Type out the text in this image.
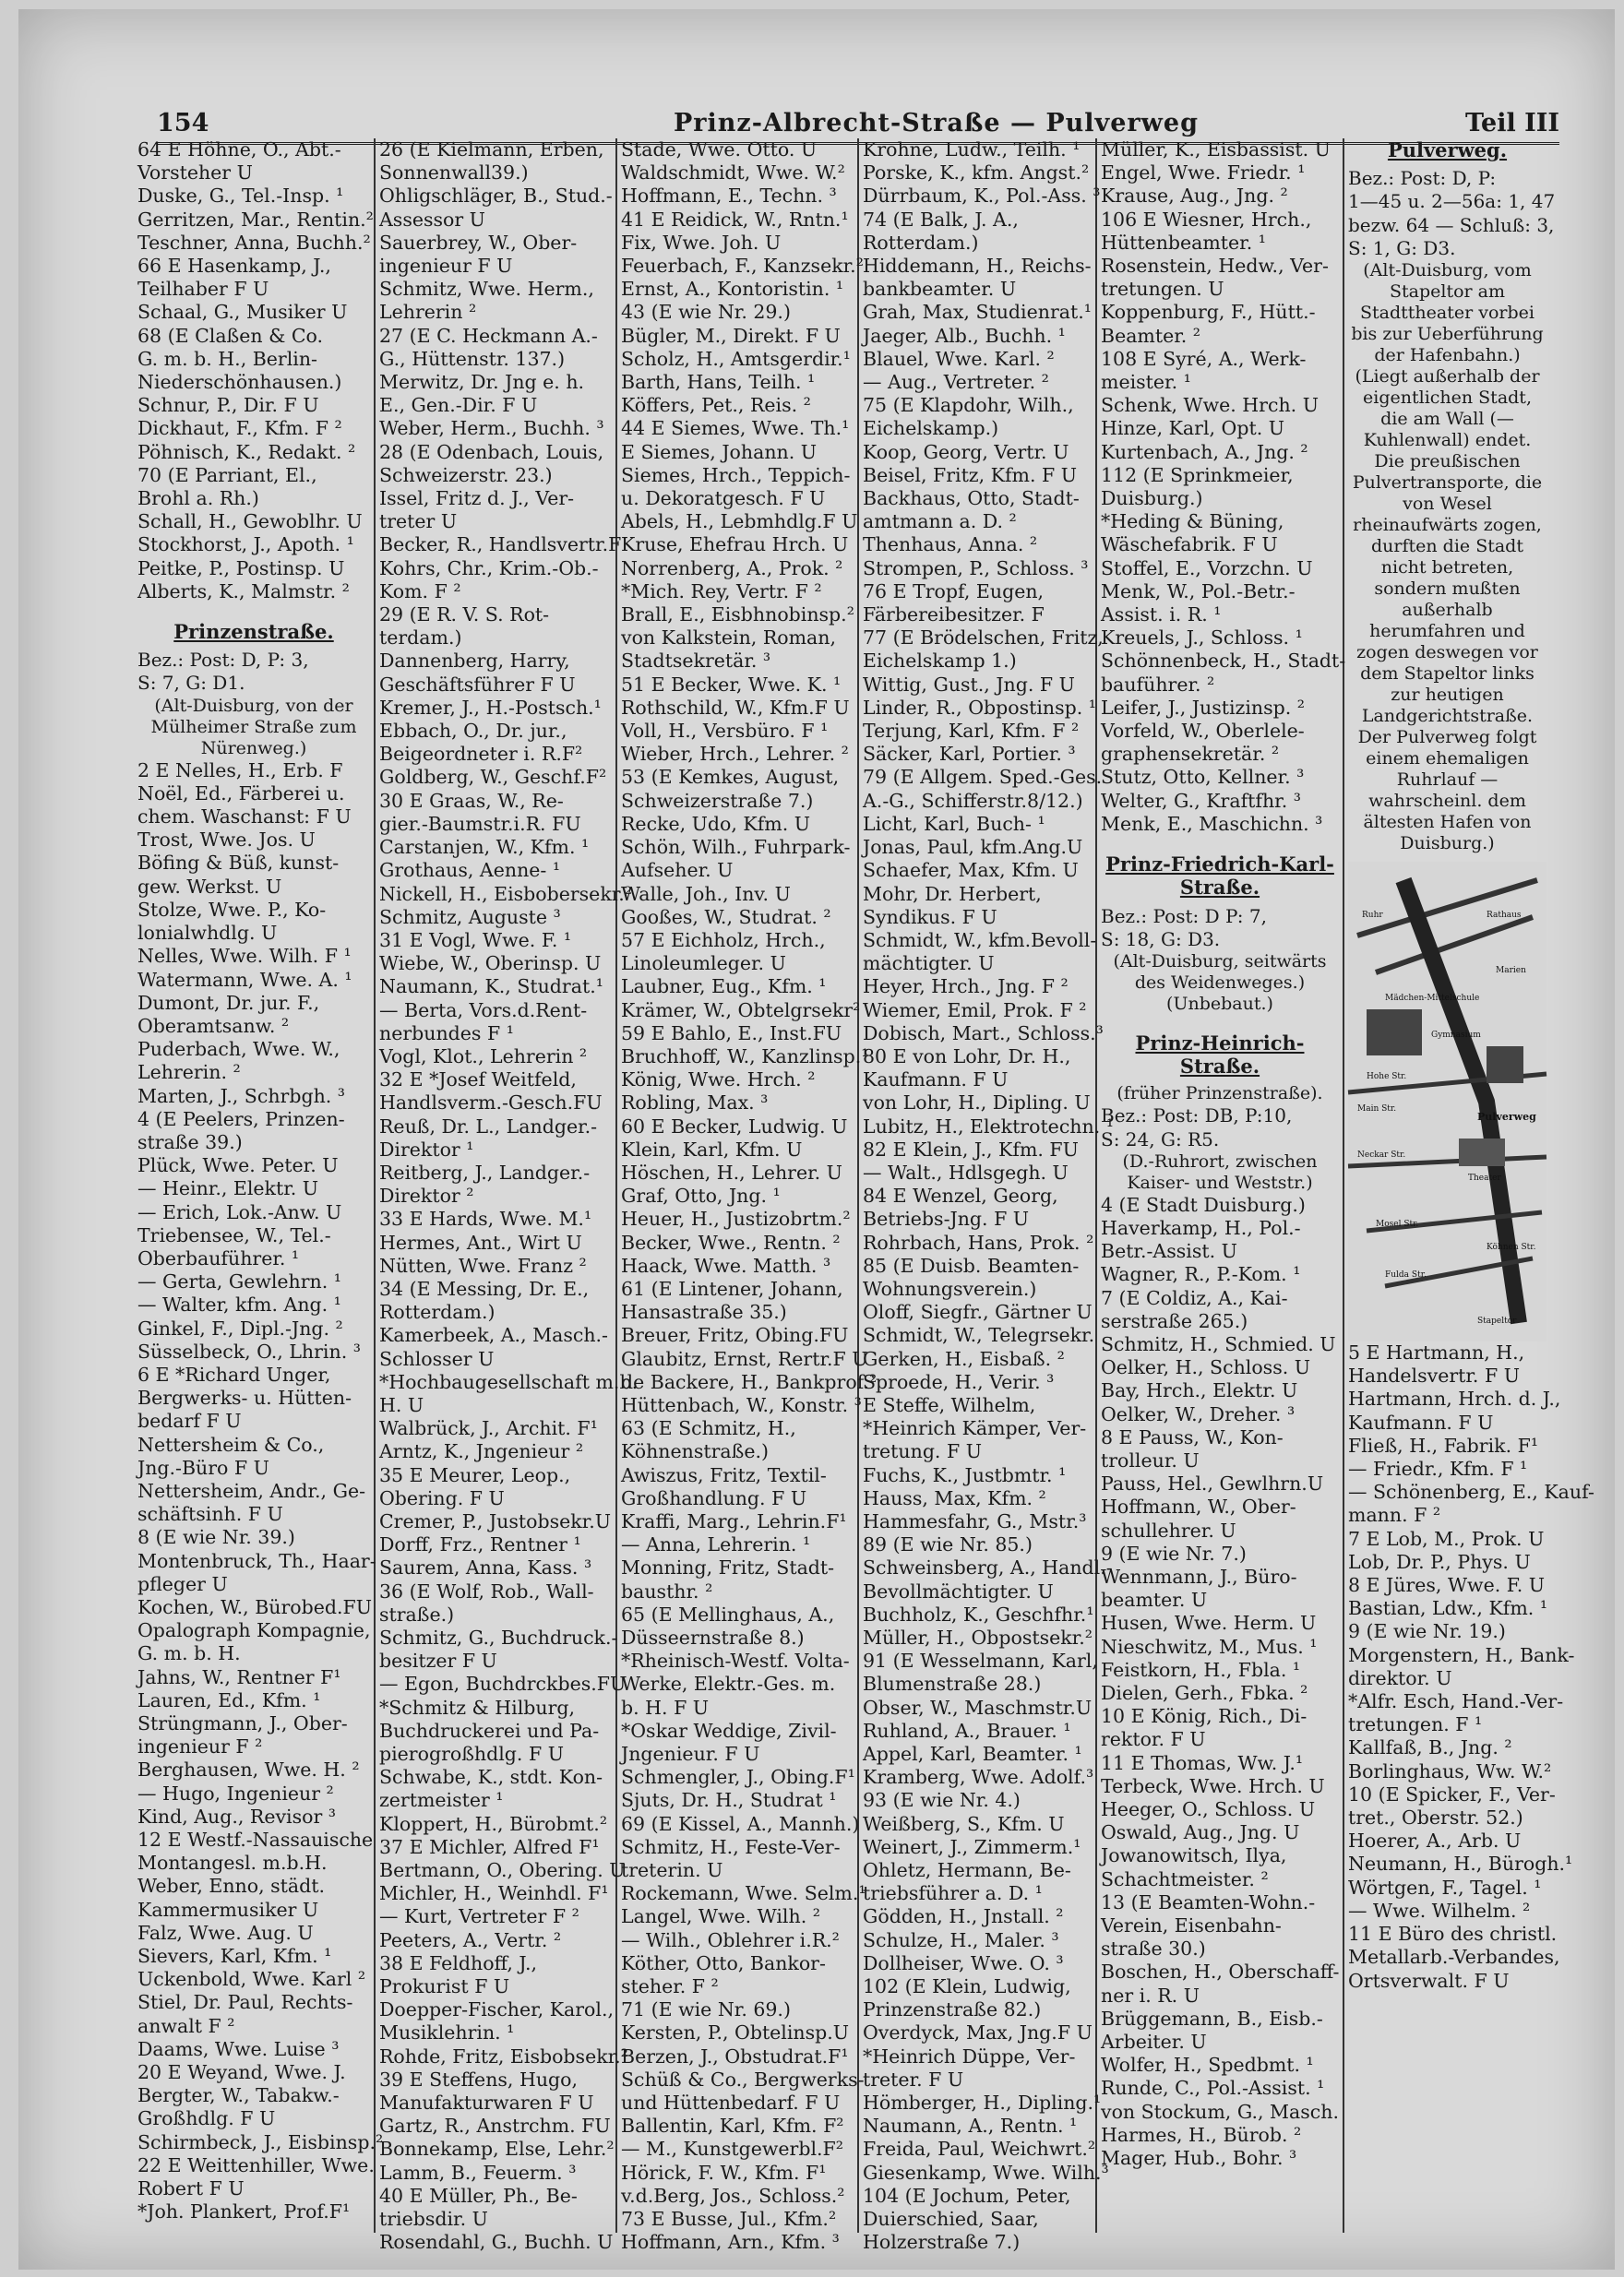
154	Prinz-Albrecht-Straße — Pulverweg	Teil III
64 E Höhne, O., Abt.-
Vorsteher U
Duske, G., Tel.-Insp. ¹
Gerritzen, Mar., Rentin.²
Teschner, Anna, Buchh.²
66 E Hasenkamp, J.,
Teilhaber F U
Schaal, G., Musiker U
68 (E Claßen & Co.
G. m. b. H., Berlin-
Niederschönhausen.)
Schnur, P., Dir. F U
Dickhaut, F., Kfm. F ²
Pöhnisch, K., Redakt. ²
70 (E Parriant, El.,
Brohl a. Rh.)
Schall, H., Gewoblhr. U
Stockhorst, J., Apoth. ¹
Peitke, P., Postinsp. U
Alberts, K., Malmstr. ²
Prinzenstraße.
Bez.: Post: D, P: 3,
S: 7, G: D1.
(Alt-Duisburg, von der Mülheimer Straße zum Nürenweg.)
2 E Nelles, H., Erb. F
Noël, Ed., Färberei u.
chem. Waschanst: F U
Trost, Wwe. Jos. U
Böfing & Büß, kunst-
gew. Werkst. U
Stolze, Wwe. P., Ko-
lonialwhdlg. U
Nelles, Wwe. Wilh. F ¹
Watermann, Wwe. A. ¹
Dumont, Dr. jur. F.,
Oberamtsanw. ²
Puderbach, Wwe. W.,
Lehrerin. ²
Marten, J., Schrbgh. ³
4 (E Peelers, Prinzen-
straße 39.)
Plück, Wwe. Peter. U
— Heinr., Elektr. U
— Erich, Lok.-Anw. U
Triebensee, W., Tel.-
Oberbauführer. ¹
— Gerta, Gewlehrn. ¹
— Walter, kfm. Ang. ¹
Ginkel, F., Dipl.-Jng. ²
Süsselbeck, O., Lhrin. ³
6 E *Richard Unger,
Bergwerks- u. Hütten-
bedarf F U
Nettersheim & Co.,
Jng.-Büro F U
Nettersheim, Andr., Ge-
schäftsinh. F U
8 (E wie Nr. 39.)
Montenbruck, Th., Haar-
pfleger U
Kochen, W., Bürobed.FU
Opalograph Kompagnie,
G. m. b. H.
Jahns, W., Rentner F¹
Lauren, Ed., Kfm. ¹
Strüngmann, J., Ober-
ingenieur F ²
Berghausen, Wwe. H. ²
— Hugo, Ingenieur ²
Kind, Aug., Revisor ³
12 E Westf.-Nassauische
Montangesl. m.b.H.
Weber, Enno, städt.
Kammermusiker U
Falz, Wwe. Aug. U
Sievers, Karl, Kfm. ¹
Uckenbold, Wwe. Karl ²
Stiel, Dr. Paul, Rechts-
anwalt F ²
Daams, Wwe. Luise ³
20 E Weyand, Wwe. J.
Bergter, W., Tabakw.-
Großhdlg. F U
Schirmbeck, J., Eisbinsp.²
22 E Weittenhiller, Wwe.
Robert F U
*Joh. Plankert, Prof.F¹
26 (E Kielmann, Erben,
Sonnenwall39.)
Ohligschläger, B., Stud.-
Assessor U
Sauerbrey, W., Ober-
ingenieur F U
Schmitz, Wwe. Herm.,
Lehrerin ²
27 (E C. Heckmann A.-
G., Hüttenstr. 137.)
Merwitz, Dr. Jng e. h.
E., Gen.-Dir. F U
Weber, Herm., Buchh. ³
28 (E Odenbach, Louis,
Schweizerstr. 23.)
Issel, Fritz d. J., Ver-
treter U
Becker, R., Handlsvertr.F
Kohrs, Chr., Krim.-Ob.-
Kom. F ²
29 (E R. V. S. Rot-
terdam.)
Dannenberg, Harry,
Geschäftsführer F U
Kremer, J., H.-Postsch.¹
Ebbach, O., Dr. jur.,
Beigeordneter i. R.F²
Goldberg, W., Geschf.F²
30 E Graas, W., Re-
gier.-Baumstr.i.R. FU
Carstanjen, W., Kfm. ¹
Grothaus, Aenne- ¹
Nickell, H., Eisbobersekr.²
Schmitz, Auguste ³
31 E Vogl, Wwe. F. ¹
Wiebe, W., Oberinsp. U
Naumann, K., Studrat.¹
— Berta, Vors.d.Rent-
nerbundes F ¹
Vogl, Klot., Lehrerin ²
32 E *Josef Weitfeld,
Handlsverm.-Gesch.FU
Reuß, Dr. L., Landger.-
Direktor ¹
Reitberg, J., Landger.-
Direktor ²
33 E Hards, Wwe. M.¹
Hermes, Ant., Wirt U
Nütten, Wwe. Franz ²
34 (E Messing, Dr. E.,
Rotterdam.)
Kamerbeek, A., Masch.-
Schlosser U
*Hochbaugesellschaft m.b.
H. U
Walbrück, J., Archit. F¹
Arntz, K., Jngenieur ²
35 E Meurer, Leop.,
Obering. F U
Cremer, P., Justobsekr.U
Dorff, Frz., Rentner ¹
Saurem, Anna, Kass. ³
36 (E Wolf, Rob., Wall-
straße.)
Schmitz, G., Buchdruck.-
besitzer F U
— Egon, Buchdrckbes.FU
*Schmitz & Hilburg,
Buchdruckerei und Pa-
pierogroßhdlg. F U
Schwabe, K., stdt. Kon-
zertmeister ¹
Kloppert, H., Bürobmt.²
37 E Michler, Alfred F¹
Bertmann, O., Obering. U
Michler, H., Weinhdl. F¹
— Kurt, Vertreter F ²
Peeters, A., Vertr. ²
38 E Feldhoff, J.,
Prokurist F U
Doepper-Fischer, Karol.,
Musiklehrin. ¹
Rohde, Fritz, Eisbobsekr.²
39 E Steffens, Hugo,
Manufakturwaren F U
Gartz, R., Anstrchm. FU
Bonnekamp, Else, Lehr.²
Lamm, B., Feuerm. ³
40 E Müller, Ph., Be-
triebsdir. U
Rosendahl, G., Buchh. U
Stade, Wwe. Otto. U
Waldschmidt, Wwe. W.²
Hoffmann, E., Techn. ³
41 E Reidick, W., Rntn.¹
Fix, Wwe. Joh. U
Feuerbach, F., Kanzsekr.²
Ernst, A., Kontoristin. ¹
43 (E wie Nr. 29.)
Bügler, M., Direkt. F U
Scholz, H., Amtsgerdir.¹
Barth, Hans, Teilh. ¹
Köffers, Pet., Reis. ²
44 E Siemes, Wwe. Th.¹
E Siemes, Johann. U
Siemes, Hrch., Teppich-
u. Dekoratgesch. F U
Abels, H., Lebmhdlg.F U
Kruse, Ehefrau Hrch. U
Norrenberg, A., Prok. ²
*Mich. Rey, Vertr. F ²
Brall, E., Eisbhnobinsp.²
von Kalkstein, Roman,
Stadtsekretär. ³
51 E Becker, Wwe. K. ¹
Rothschild, W., Kfm.F U
Voll, H., Versbüro. F ¹
Wieber, Hrch., Lehrer. ²
53 (E Kemkes, August,
Schweizerstraße 7.)
Recke, Udo, Kfm. U
Schön, Wilh., Fuhrpark-
Aufseher. U
Walle, Joh., Inv. U
Gooßes, W., Studrat. ²
57 E Eichholz, Hrch.,
Linoleumleger. U
Laubner, Eug., Kfm. ¹
Krämer, W., Obtelgrsekr²
59 E Bahlo, E., Inst.FU
Bruchhoff, W., Kanzlinsp.¹
König, Wwe. Hrch. ²
Robling, Max. ³
60 E Becker, Ludwig. U
Klein, Karl, Kfm. U
Höschen, H., Lehrer. U
Graf, Otto, Jng. ¹
Heuer, H., Justizobrtm.²
Becker, Wwe., Rentn. ²
Haack, Wwe. Matth. ³
61 (E Lintener, Johann,
Hansastraße 35.)
Breuer, Fritz, Obing.FU
Glaubitz, Ernst, Rertr.F U
de Backere, H., Bankprof.²
Hüttenbach, W., Konstr. ³
63 (E Schmitz, H.,
Köhnenstraße.)
Awiszus, Fritz, Textil-
Großhandlung. F U
Kraffi, Marg., Lehrin.F¹
— Anna, Lehrerin. ¹
Monning, Fritz, Stadt-
bausthr. ²
65 (E Mellinghaus, A.,
Düsseernstraße 8.)
*Rheinisch-Westf. Volta-
Werke, Elektr.-Ges. m.
b. H. F U
*Oskar Weddige, Zivil-
Jngenieur. F U
Schmengler, J., Obing.F¹
Sjuts, Dr. H., Studrat ¹
69 (E Kissel, A., Mannh.)
Schmitz, H., Feste-Ver-
treterin. U
Rockemann, Wwe. Selm.¹
Langel, Wwe. Wilh. ²
— Wilh., Oblehrer i.R.²
Köther, Otto, Bankor-
steher. F ²
71 (E wie Nr. 69.)
Kersten, P., Obtelinsp.U
Berzen, J., Obstudrat.F¹
Schüß & Co., Bergwerks-
und Hüttenbedarf. F U
Ballentin, Karl, Kfm. F²
— M., Kunstgewerbl.F²
Hörick, F. W., Kfm. F¹
v.d.Berg, Jos., Schloss.²
73 E Busse, Jul., Kfm.²
Hoffmann, Arn., Kfm. ³
Krohne, Ludw., Teilh. ¹
Porske, K., kfm. Angst.²
Dürrbaum, K., Pol.-Ass. ³
74 (E Balk, J. A.,
Rotterdam.)
Hiddemann, H., Reichs-
bankbeamter. U
Grah, Max, Studienrat.¹
Jaeger, Alb., Buchh. ¹
Blauel, Wwe. Karl. ²
— Aug., Vertreter. ²
75 (E Klapdohr, Wilh.,
Eichelskamp.)
Koop, Georg, Vertr. U
Beisel, Fritz, Kfm. F U
Backhaus, Otto, Stadt-
amtmann a. D. ²
Thenhaus, Anna. ²
Strompen, P., Schloss. ³
76 E Tropf, Eugen,
Färbereibesitzer. F
77 (E Brödelschen, Fritz,
Eichelskamp 1.)
Wittig, Gust., Jng. F U
Linder, R., Obpostinsp. ¹
Terjung, Karl, Kfm. F ²
Säcker, Karl, Portier. ³
79 (E Allgem. Sped.-Ges.
A.-G., Schifferstr.8/12.)
Licht, Karl, Buch- ¹
Jonas, Paul, kfm.Ang.U
Schaefer, Max, Kfm. U
Mohr, Dr. Herbert,
Syndikus. F U
Schmidt, W., kfm.Bevoll-
mächtigter. U
Heyer, Hrch., Jng. F ²
Wiemer, Emil, Prok. F ²
Dobisch, Mart., Schloss.³
80 E von Lohr, Dr. H.,
Kaufmann. F U
von Lohr, H., Dipling. U
Lubitz, H., Elektrotechn. ¹
82 E Klein, J., Kfm. FU
— Walt., Hdlsgegh. U
84 E Wenzel, Georg,
Betriebs-Jng. F U
Rohrbach, Hans, Prok. ²
85 (E Duisb. Beamten-
Wohnungsverein.)
Oloff, Siegfr., Gärtner U
Schmidt, W., Telegrsekr.
Gerken, H., Eisbaß. ²
Sproede, H., Verir. ³
E Steffe, Wilhelm,
*Heinrich Kämper, Ver-
tretung. F U
Fuchs, K., Justbmtr. ¹
Hauss, Max, Kfm. ²
Hammesfahr, G., Mstr.³
89 (E wie Nr. 85.)
Schweinsberg, A., Handl.-
Bevollmächtigter. U
Buchholz, K., Geschfhr.¹
Müller, H., Obpostsekr.²
91 (E Wesselmann, Karl,
Blumenstraße 28.)
Obser, W., Maschmstr.U
Ruhland, A., Brauer. ¹
Appel, Karl, Beamter. ¹
Kramberg, Wwe. Adolf.³
93 (E wie Nr. 4.)
Weißberg, S., Kfm. U
Weinert, J., Zimmerm.¹
Ohletz, Hermann, Be-
triebsführer a. D. ¹
Gödden, H., Jnstall. ²
Schulze, H., Maler. ³
Dollheiser, Wwe. O. ³
102 (E Klein, Ludwig,
Prinzenstraße 82.)
Overdyck, Max, Jng.F U
*Heinrich Düppe, Ver-
treter. F U
Hömberger, H., Dipling.¹
Naumann, A., Rentn. ¹
Freida, Paul, Weichwrt.²
Giesenkamp, Wwe. Wilh.³
104 (E Jochum, Peter,
Duierschied, Saar,
Holzerstraße 7.)
Müller, K., Eisbassist. U
Engel, Wwe. Friedr. ¹
Krause, Aug., Jng. ²
106 E Wiesner, Hrch.,
Hüttenbeamter. ¹
Rosenstein, Hedw., Ver-
tretungen. U
Koppenburg, F., Hütt.-
Beamter. ²
108 E Syré, A., Werk-
meister. ¹
Schenk, Wwe. Hrch. U
Hinze, Karl, Opt. U
Kurtenbach, A., Jng. ²
112 (E Sprinkmeier,
Duisburg.)
*Heding & Büning,
Wäschefabrik. F U
Stoffel, E., Vorzchn. U
Menk, W., Pol.-Betr.-
Assist. i. R. ¹
Kreuels, J., Schloss. ¹
Schönnenbeck, H., Stadt-
bauführer. ²
Leifer, J., Justizinsp. ²
Vorfeld, W., Oberlele-
graphensekretär. ²
Stutz, Otto, Kellner. ³
Welter, G., Kraftfhr. ³
Menk, E., Maschichn. ³
Prinz-Friedrich-Karl-Straße.
Bez.: Post: D P: 7,
S: 18, G: D3.
(Alt-Duisburg, seitwärts des Weidenweges.) (Unbebaut.)
Prinz-Heinrich-Straße.
(früher Prinzenstraße).
Bez.: Post: DB, P:10,
S: 24, G: R5.
(D.-Ruhrort, zwischen Kaiser- und Weststr.)
4 (E Stadt Duisburg.)
Haverkamp, H., Pol.-
Betr.-Assist. U
Wagner, R., P.-Kom. ¹
7 (E Coldiz, A., Kai-
serstraße 265.)
Schmitz, H., Schmied. U
Oelker, H., Schloss. U
Bay, Hrch., Elektr. U
Oelker, W., Dreher. ³
8 E Pauss, W., Kon-
trolleur. U
Pauss, Hel., Gewlhrn.U
Hoffmann, W., Ober-
schullehrer. U
9 (E wie Nr. 7.)
Wennmann, J., Büro-
beamter. U
Husen, Wwe. Herm. U
Nieschwitz, M., Mus. ¹
Feistkorn, H., Fbla. ¹
Dielen, Gerh., Fbka. ²
10 E König, Rich., Di-
rektor. F U
11 E Thomas, Ww. J.¹
Terbeck, Wwe. Hrch. U
Heeger, O., Schloss. U
Oswald, Aug., Jng. U
Jowanowitsch, Ilya,
Schachtmeister. ²
13 (E Beamten-Wohn.-
Verein, Eisenbahn-
straße 30.)
Boschen, H., Oberschaff-
ner i. R. U
Brüggemann, B., Eisb.-
Arbeiter. U
Wolfer, H., Spedbmt. ¹
Runde, C., Pol.-Assist. ¹
von Stockum, G., Masch.
Harmes, H., Bürob. ²
Mager, Hub., Bohr. ³
Pulverweg.
Bez.: Post: D, P:
1—45 u. 2—56a: 1, 47
bezw. 64 — Schluß: 3,
S: 1, G: D3.
(Alt-Duisburg, vom Stapeltor am Stadttheater vorbei bis zur Ueberführung der Hafenbahn.) (Liegt außerhalb der eigentlichen Stadt, die am Wall (— Kuhlenwall) endet. Die preußischen Pulvertransporte, die von Wesel rheinaufwärts zogen, durften die Stadt nicht betreten, sondern mußten außerhalb herumfahren und zogen deswegen vor dem Stapeltor links zur heutigen Landgerichtstraße. Der Pulverweg folgt einem ehemaligen Ruhrlauf — wahrscheinl. dem ältesten Hafen von Duisburg.)
Mädchen-Mittelschule
Hohe Str.
Gymnasium
Marien
Main Str.
Pulverweg
Neckar Str.
Theater
Mosel Str.
Fulda Str.
Köhnen Str.
Stapeltor
Ruhr	Rathaus
5 E Hartmann, H.,
Handelsvertr. F U
Hartmann, Hrch. d. J.,
Kaufmann. F U
Fließ, H., Fabrik. F¹
— Friedr., Kfm. F ¹
— Schönenberg, E., Kauf-
mann. F ²
7 E Lob, M., Prok. U
Lob, Dr. P., Phys. U
8 E Jüres, Wwe. F. U
Bastian, Ldw., Kfm. ¹
9 (E wie Nr. 19.)
Morgenstern, H., Bank-
direktor. U
*Alfr. Esch, Hand.-Ver-
tretungen. F ¹
Kallfaß, B., Jng. ²
Borlinghaus, Ww. W.²
10 (E Spicker, F., Ver-
tret., Oberstr. 52.)
Hoerer, A., Arb. U
Neumann, H., Bürogh.¹
Wörtgen, F., Tagel. ¹
— Wwe. Wilhelm. ²
11 E Büro des christl.
Metallarb.-Verbandes,
Ortsverwalt. F U
